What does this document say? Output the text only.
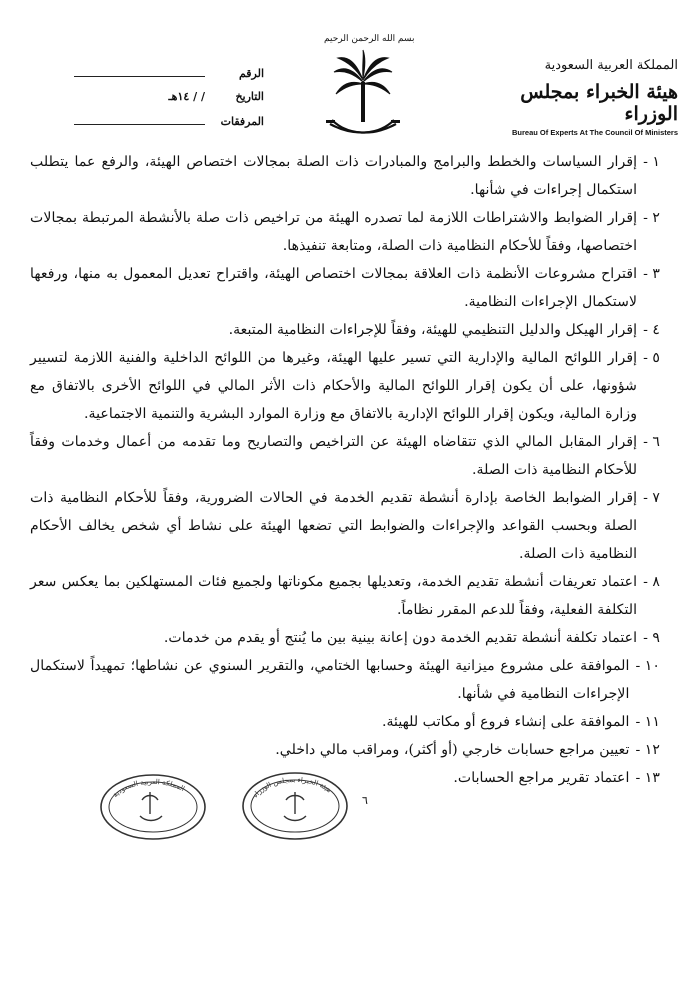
المملكة العربية السعودية
هيئة الخبراء بمجلس الوزراء
Bureau Of Experts At The Council Of Ministers
بسم الله الرحمن الرحيم
الرقم
التاريخ
/ / ١٤هـ
المرفقات
١ -
إقرار السياسات والخطط والبرامج والمبادرات ذات الصلة بمجالات اختصاص الهيئة، والرفع عما يتطلب استكمال إجراءات في شأنها.
٢ -
إقرار الضوابط والاشتراطات اللازمة لما تصدره الهيئة من تراخيص ذات صلة بالأنشطة المرتبطة بمجالات اختصاصها، وفقاً للأحكام النظامية ذات الصلة، ومتابعة تنفيذها.
٣ -
اقتراح مشروعات الأنظمة ذات العلاقة بمجالات اختصاص الهيئة، واقتراح تعديل المعمول به منها، ورفعها لاستكمال الإجراءات النظامية.
٤ -
إقرار الهيكل والدليل التنظيمي للهيئة، وفقاً للإجراءات النظامية المتبعة.
٥ -
إقرار اللوائح المالية والإدارية التي تسير عليها الهيئة، وغيرها من اللوائح الداخلية والفنية اللازمة لتسيير شؤونها، على أن يكون إقرار اللوائح المالية والأحكام ذات الأثر المالي في اللوائح الأخرى بالاتفاق مع وزارة المالية، ويكون إقرار اللوائح الإدارية بالاتفاق مع وزارة الموارد البشرية والتنمية الاجتماعية.
٦ -
إقرار المقابل المالي الذي تتقاضاه الهيئة عن التراخيص والتصاريح وما تقدمه من أعمال وخدمات وفقاً للأحكام النظامية ذات الصلة.
٧ -
إقرار الضوابط الخاصة بإدارة أنشطة تقديم الخدمة في الحالات الضرورية، وفقاً للأحكام النظامية ذات الصلة وبحسب القواعد والإجراءات والضوابط التي تضعها الهيئة على نشاط أي شخص يخالف الأحكام النظامية ذات الصلة.
٨ -
اعتماد تعريفات أنشطة تقديم الخدمة، وتعديلها بجميع مكوناتها ولجميع فئات المستهلكين بما يعكس سعر التكلفة الفعلية، وفقاً للدعم المقرر نظاماً.
٩ -
اعتماد تكلفة أنشطة تقديم الخدمة دون إعانة بينية بين ما يُنتج أو يقدم من خدمات.
١٠ -
الموافقة على مشروع ميزانية الهيئة وحسابها الختامي، والتقرير السنوي عن نشاطها؛ تمهيداً لاستكمال الإجراءات النظامية في شأنها.
١١ -
الموافقة على إنشاء فروع أو مكاتب للهيئة.
١٢ -
تعيين مراجع حسابات خارجي (أو أكثر)، ومراقب مالي داخلي.
١٣ -
اعتماد تقرير مراجع الحسابات.
٦
هيئة الخبراء بمجلس الوزراء
المملكة العربية السعودية
